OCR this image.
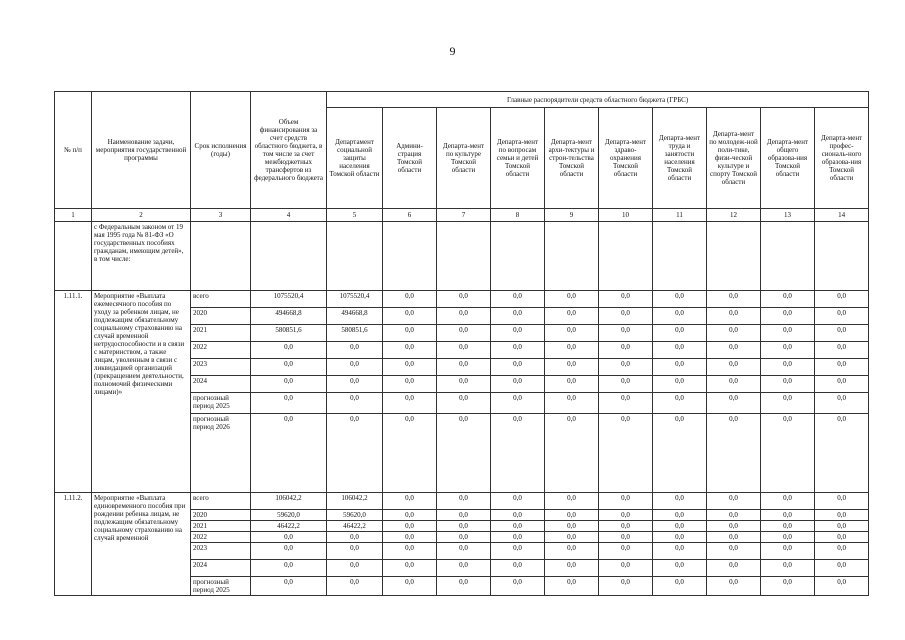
9
№ п/п	Наименование задачи, мероприятия государственной программы	Срок исполнения (годы)	Объем финансирования за счет средств областного бюджета, в том числе за счет межбюджетных трансфертов из федерального бюджета	Главные распорядители средств областного бюджета (ГРБС)									
				Департамент социальной защиты населения Томской области	Админи-страция Томской области	Департа-мент по культуре Томской области	Департа-мент по вопросам семьи и детей Томской области	Департа-мент архи-тектуры и строи-тельства Томской области	Департа-мент здраво-охранения Томской области	Департа-мент труда и занятости населения Томской области	Департа-мент по молодеж-ной поли-тике, физи-ческой культуре и спорту Томской области	Департа-мент общего образова-ния Томской области	Департа-мент профес-сиональ-ного образова-ния Томской области
1	2	3	4	5	6	7	8	9	10	11	12	13	14
	с Федеральным законом от 19 мая 1995 года № 81-ФЗ «О государственных пособиях гражданам, имеющим детей», в том числе:												
1.11.1.	Мероприятие «Выплата ежемесячного пособия по уходу за ребенком лицам, не подлежащим обязательному социальному страхованию на случай временной нетрудоспособности и в связи с материнством, а также лицам, уволенным в связи с ликвидацией организаций (прекращением деятельности, полномочий физическими лицами)»	всего	1075520,4	1075520,4	0,0	0,0	0,0	0,0	0,0	0,0	0,0	0,0	0,0
		2020	494668,8	494668,8	0,0	0,0	0,0	0,0	0,0	0,0	0,0	0,0	0,0
		2021	580851,6	580851,6	0,0	0,0	0,0	0,0	0,0	0,0	0,0	0,0	0,0
		2022	0,0	0,0	0,0	0,0	0,0	0,0	0,0	0,0	0,0	0,0	0,0
		2023	0,0	0,0	0,0	0,0	0,0	0,0	0,0	0,0	0,0	0,0	0,0
		2024	0,0	0,0	0,0	0,0	0,0	0,0	0,0	0,0	0,0	0,0	0,0
		прогнозный период 2025	0,0	0,0	0,0	0,0	0,0	0,0	0,0	0,0	0,0	0,0	0,0
		прогнозный период 2026	0,0	0,0	0,0	0,0	0,0	0,0	0,0	0,0	0,0	0,0	0,0
1.11.2.	Мероприятие «Выплата единовременного пособия при рождении ребенка лицам, не подлежащим обязательному социальному страхованию на случай временной	всего	106042,2	106042,2	0,0	0,0	0,0	0,0	0,0	0,0	0,0	0,0	0,0
		2020	59620,0	59620,0	0,0	0,0	0,0	0,0	0,0	0,0	0,0	0,0	0,0
		2021	46422,2	46422,2	0,0	0,0	0,0	0,0	0,0	0,0	0,0	0,0	0,0
		2022	0,0	0,0	0,0	0,0	0,0	0,0	0,0	0,0	0,0	0,0	0,0
		2023	0,0	0,0	0,0	0,0	0,0	0,0	0,0	0,0	0,0	0,0	0,0
		2024	0,0	0,0	0,0	0,0	0,0	0,0	0,0	0,0	0,0	0,0	0,0
		прогнозный период 2025	0,0	0,0	0,0	0,0	0,0	0,0	0,0	0,0	0,0	0,0	0,0
